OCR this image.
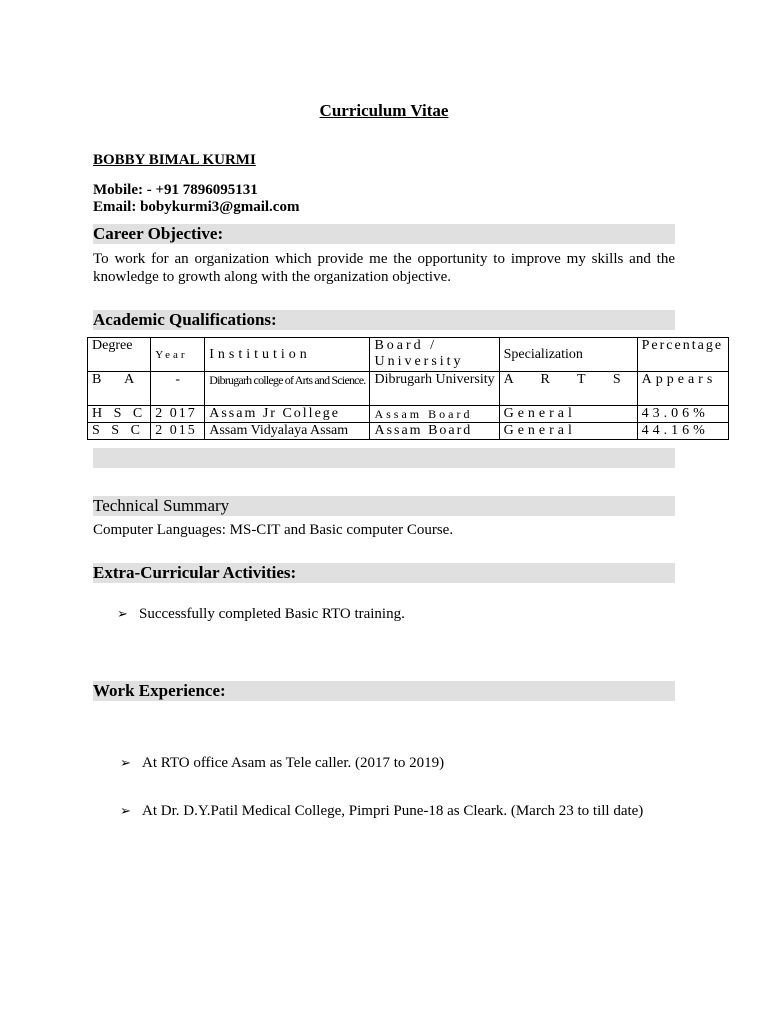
Curriculum Vitae
BOBBY BIMAL KURMI
Mobile: - +91 7896095131
Email: bobykurmi3@gmail.com
Career Objective:
To work for an organization which provide me the opportunity to improve my skills and the knowledge to growth along with the organization objective.
Academic Qualifications:
Degree	Year	Institution	Board / University	Specialization	Percentage
B A	-	Dibrugarh college of Arts and Science.	Dibrugarh University	A R T S	Appears
H S C	2 017	Assam Jr College	Assam Board	General	43.06%
S S C	2 015	Assam Vidyalaya Assam	Assam Board	General	44.16%
Technical Summary
Computer Languages: MS-CIT and Basic computer Course.
Extra-Curricular Activities:
➢ Successfully completed Basic RTO training.
Work Experience:
➢ At RTO office Asam as Tele caller. (2017 to 2019)
➢ At Dr. D.Y.Patil Medical College, Pimpri Pune-18 as Cleark. (March 23 to till date)
